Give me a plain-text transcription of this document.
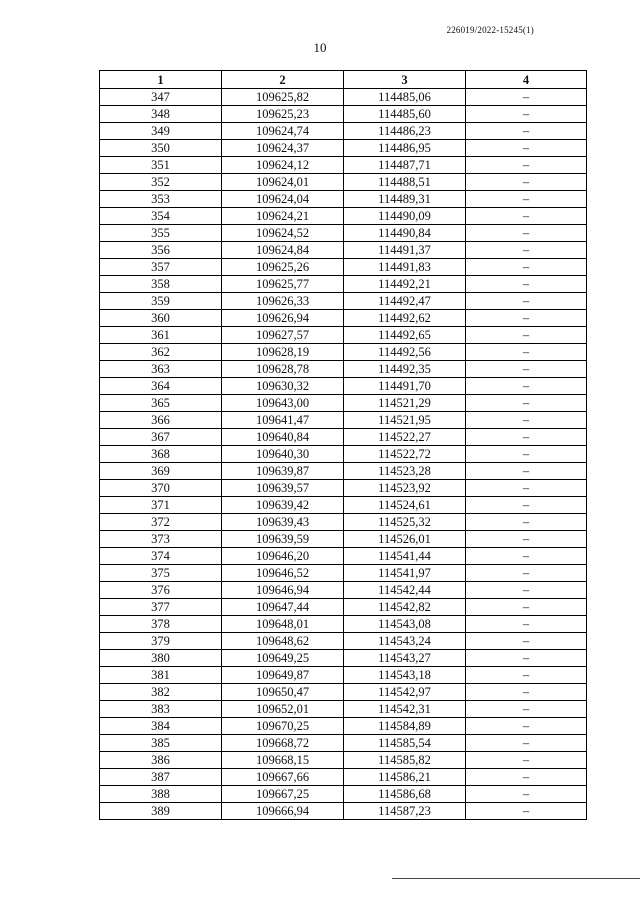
226019/2022-15245(1)
10
1	2	3	4
347	109625,82	114485,06	–
348	109625,23	114485,60	–
349	109624,74	114486,23	–
350	109624,37	114486,95	–
351	109624,12	114487,71	–
352	109624,01	114488,51	–
353	109624,04	114489,31	–
354	109624,21	114490,09	–
355	109624,52	114490,84	–
356	109624,84	114491,37	–
357	109625,26	114491,83	–
358	109625,77	114492,21	–
359	109626,33	114492,47	–
360	109626,94	114492,62	–
361	109627,57	114492,65	–
362	109628,19	114492,56	–
363	109628,78	114492,35	–
364	109630,32	114491,70	–
365	109643,00	114521,29	–
366	109641,47	114521,95	–
367	109640,84	114522,27	–
368	109640,30	114522,72	–
369	109639,87	114523,28	–
370	109639,57	114523,92	–
371	109639,42	114524,61	–
372	109639,43	114525,32	–
373	109639,59	114526,01	–
374	109646,20	114541,44	–
375	109646,52	114541,97	–
376	109646,94	114542,44	–
377	109647,44	114542,82	–
378	109648,01	114543,08	–
379	109648,62	114543,24	–
380	109649,25	114543,27	–
381	109649,87	114543,18	–
382	109650,47	114542,97	–
383	109652,01	114542,31	–
384	109670,25	114584,89	–
385	109668,72	114585,54	–
386	109668,15	114585,82	–
387	109667,66	114586,21	–
388	109667,25	114586,68	–
389	109666,94	114587,23	–
